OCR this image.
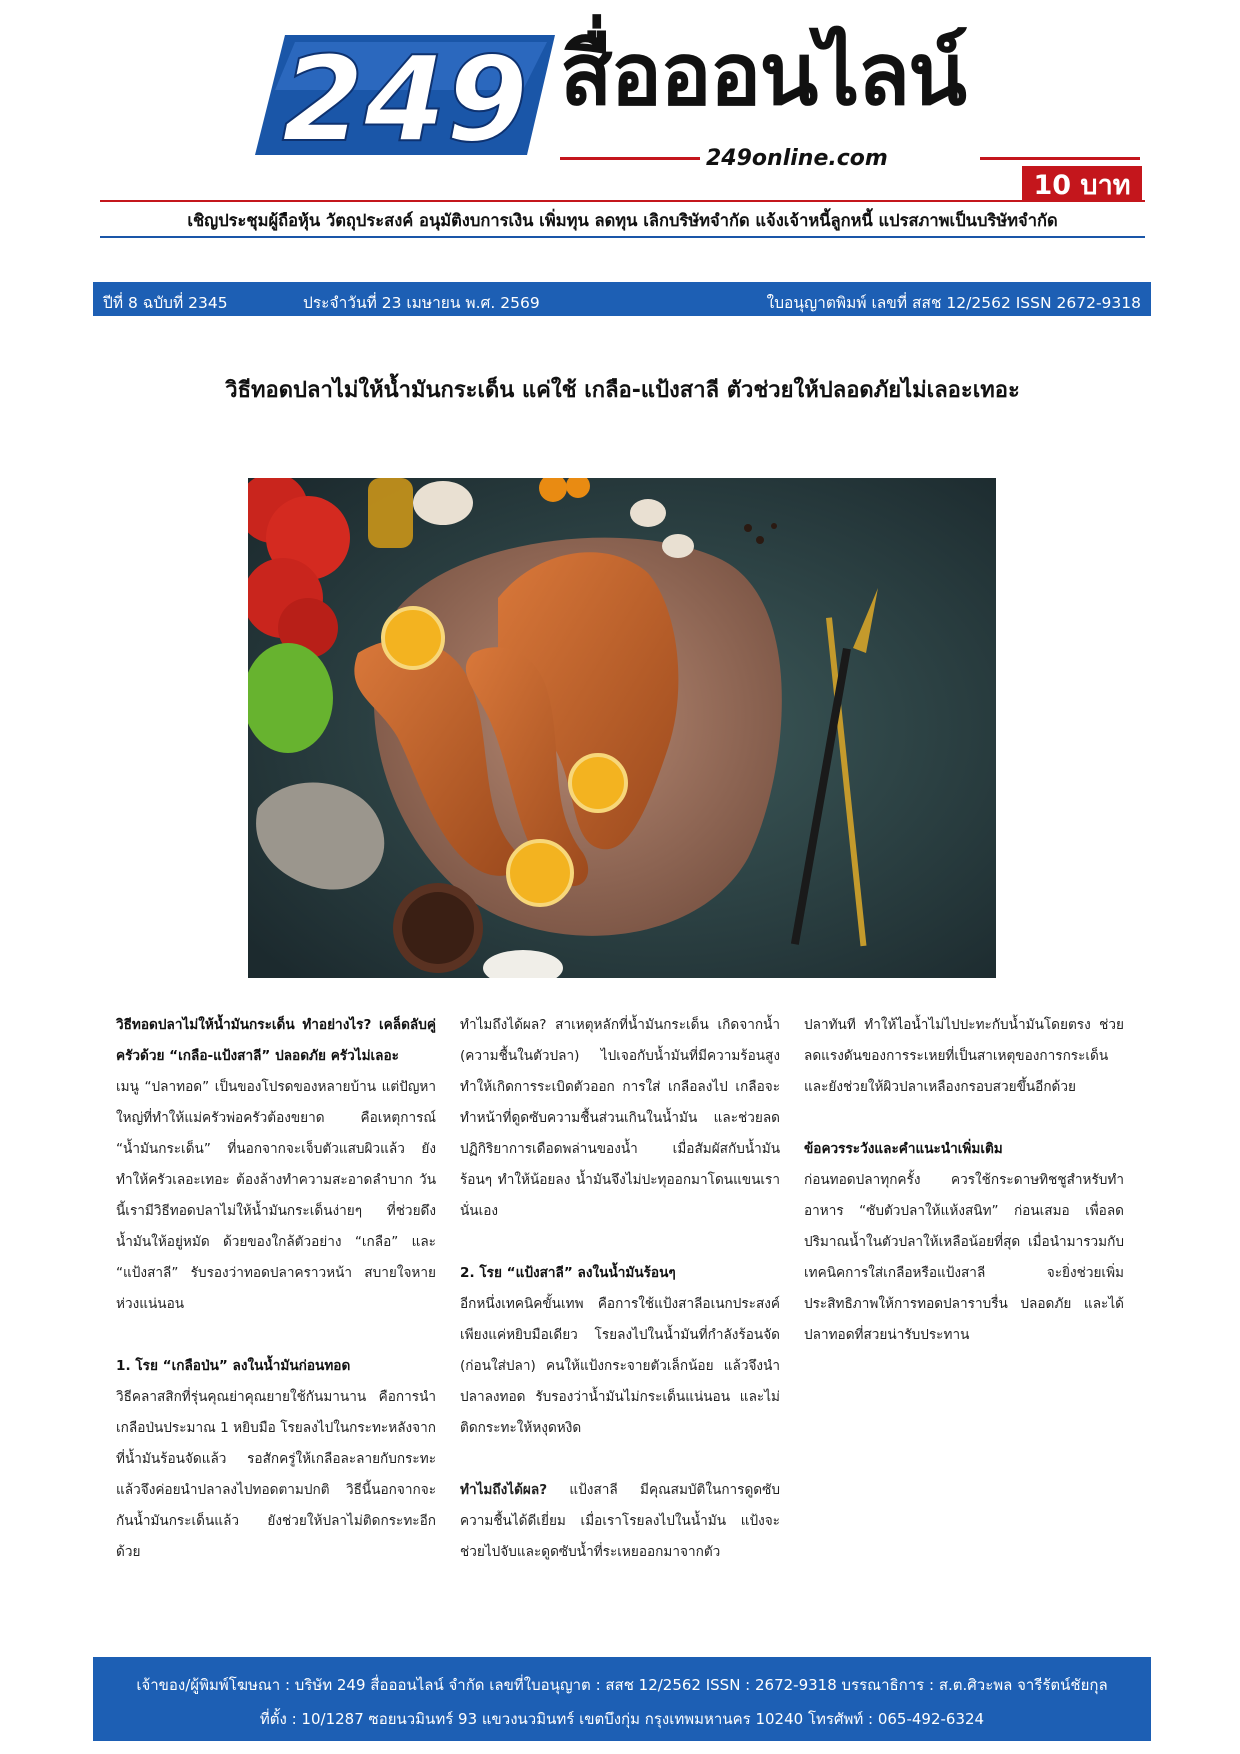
249 สื่อออนไลน์
249online.com
10 บาท
เชิญประชุมผู้ถือหุ้น วัตถุประสงค์ อนุมัติงบการเงิน เพิ่มทุน ลดทุน เลิกบริษัทจำกัด แจ้งเจ้าหนี้ลูกหนี้ แปรสภาพเป็นบริษัทจำกัด
ปีที่ 8 ฉบับที่ 2345	ประจำวันที่ 23 เมษายน พ.ศ. 2569	ใบอนุญาตพิมพ์ เลขที่ สสช 12/2562 ISSN 2672-9318
วิธีทอดปลาไม่ให้น้ำมันกระเด็น แค่ใช้ เกลือ-แป้งสาลี ตัวช่วยให้ปลอดภัยไม่เลอะเทอะ

วิธีทอดปลาไม่ให้น้ำมันกระเด็น ทำอย่างไร? เคล็ดลับคู่ครัวด้วย “เกลือ-แป้งสาลี” ปลอดภัย ครัวไม่เลอะ

เมนู “ปลาทอด” เป็นของโปรดของหลายบ้าน แต่ปัญหาใหญ่ที่ทำให้แม่ครัวพ่อครัวต้องขยาด คือเหตุการณ์ “น้ำมันกระเด็น” ที่นอกจากจะเจ็บตัวแสบผิวแล้ว ยังทำให้ครัวเลอะเทอะ ต้องล้างทำความสะอาดลำบาก วันนี้เรามีวิธีทอดปลาไม่ให้น้ำมันกระเด็นง่ายๆ ที่ช่วยดึงน้ำมันให้อยู่หมัด ด้วยของใกล้ตัวอย่าง “เกลือ” และ “แป้งสาลี” รับรองว่าทอดปลาคราวหน้า สบายใจหายห่วงแน่นอน

1. โรย “เกลือป่น” ลงในน้ำมันก่อนทอด

วิธีคลาสสิกที่รุ่นคุณย่าคุณยายใช้กันมานาน คือการนำเกลือป่นประมาณ 1 หยิบมือ โรยลงไปในกระทะหลังจากที่น้ำมันร้อนจัดแล้ว รอสักครู่ให้เกลือละลายกับกระทะ แล้วจึงค่อยนำปลาลงไปทอดตามปกติ วิธีนี้นอกจากจะกันน้ำมันกระเด็นแล้ว ยังช่วยให้ปลาไม่ติดกระทะอีกด้วย

ทำไมถึงได้ผล? สาเหตุหลักที่น้ำมันกระเด็น เกิดจากน้ำ (ความชื้นในตัวปลา) ไปเจอกับน้ำมันที่มีความร้อนสูง ทำให้เกิดการระเบิดตัวออก การใส่ เกลือลงไป เกลือจะทำหน้าที่ดูดซับความชื้นส่วนเกินในน้ำมัน และช่วยลดปฏิกิริยาการเดือดพล่านของน้ำ เมื่อสัมผัสกับน้ำมันร้อนๆ ทำให้น้อยลง น้ำมันจึงไม่ปะทุออกมาโดนแขนเรานั่นเอง

2. โรย “แป้งสาลี” ลงในน้ำมันร้อนๆ

อีกหนึ่งเทคนิคขั้นเทพ คือการใช้แป้งสาลีอเนกประสงค์ เพียงแค่หยิบมือเดียว โรยลงไปในน้ำมันที่กำลังร้อนจัด (ก่อนใส่ปลา) คนให้แป้งกระจายตัวเล็กน้อย แล้วจึงนำปลาลงทอด รับรองว่าน้ำมันไม่กระเด็นแน่นอน และไม่ติดกระทะให้หงุดหงิด

ทำไมถึงได้ผล? แป้งสาลี มีคุณสมบัติในการดูดซับความชื้นได้ดีเยี่ยม เมื่อเราโรยลงไปในน้ำมัน แป้งจะช่วยไปจับและดูดซับน้ำที่ระเหยออกมาจากตัว

ปลาทันที ทำให้ไอน้ำไม่ไปปะทะกับน้ำมันโดยตรง ช่วยลดแรงดันของการระเหยที่เป็นสาเหตุของการกระเด็น และยังช่วยให้ผิวปลาเหลืองกรอบสวยขึ้นอีกด้วย

ข้อควรระวังและคำแนะนำเพิ่มเติม

ก่อนทอดปลาทุกครั้ง ควรใช้กระดาษทิชชูสำหรับทำอาหาร “ซับตัวปลาให้แห้งสนิท” ก่อนเสมอ เพื่อลดปริมาณน้ำในตัวปลาให้เหลือน้อยที่สุด เมื่อนำมารวมกับเทคนิคการใส่เกลือหรือแป้งสาลี จะยิ่งช่วยเพิ่มประสิทธิภาพให้การทอดปลาราบรื่น ปลอดภัย และได้ปลาทอดที่สวยน่ารับประทาน

เจ้าของ/ผู้พิมพ์โฆษณา : บริษัท 249 สื่อออนไลน์ จำกัด เลขที่ใบอนุญาต : สสช 12/2562 ISSN : 2672-9318 บรรณาธิการ : ส.ต.ศิวะพล จารีรัตน์ชัยกุล
ที่ตั้ง : 10/1287 ซอยนวมินทร์ 93 แขวงนวมินทร์ เขตบึงกุ่ม กรุงเทพมหานคร 10240 โทรศัพท์ : 065-492-6324
